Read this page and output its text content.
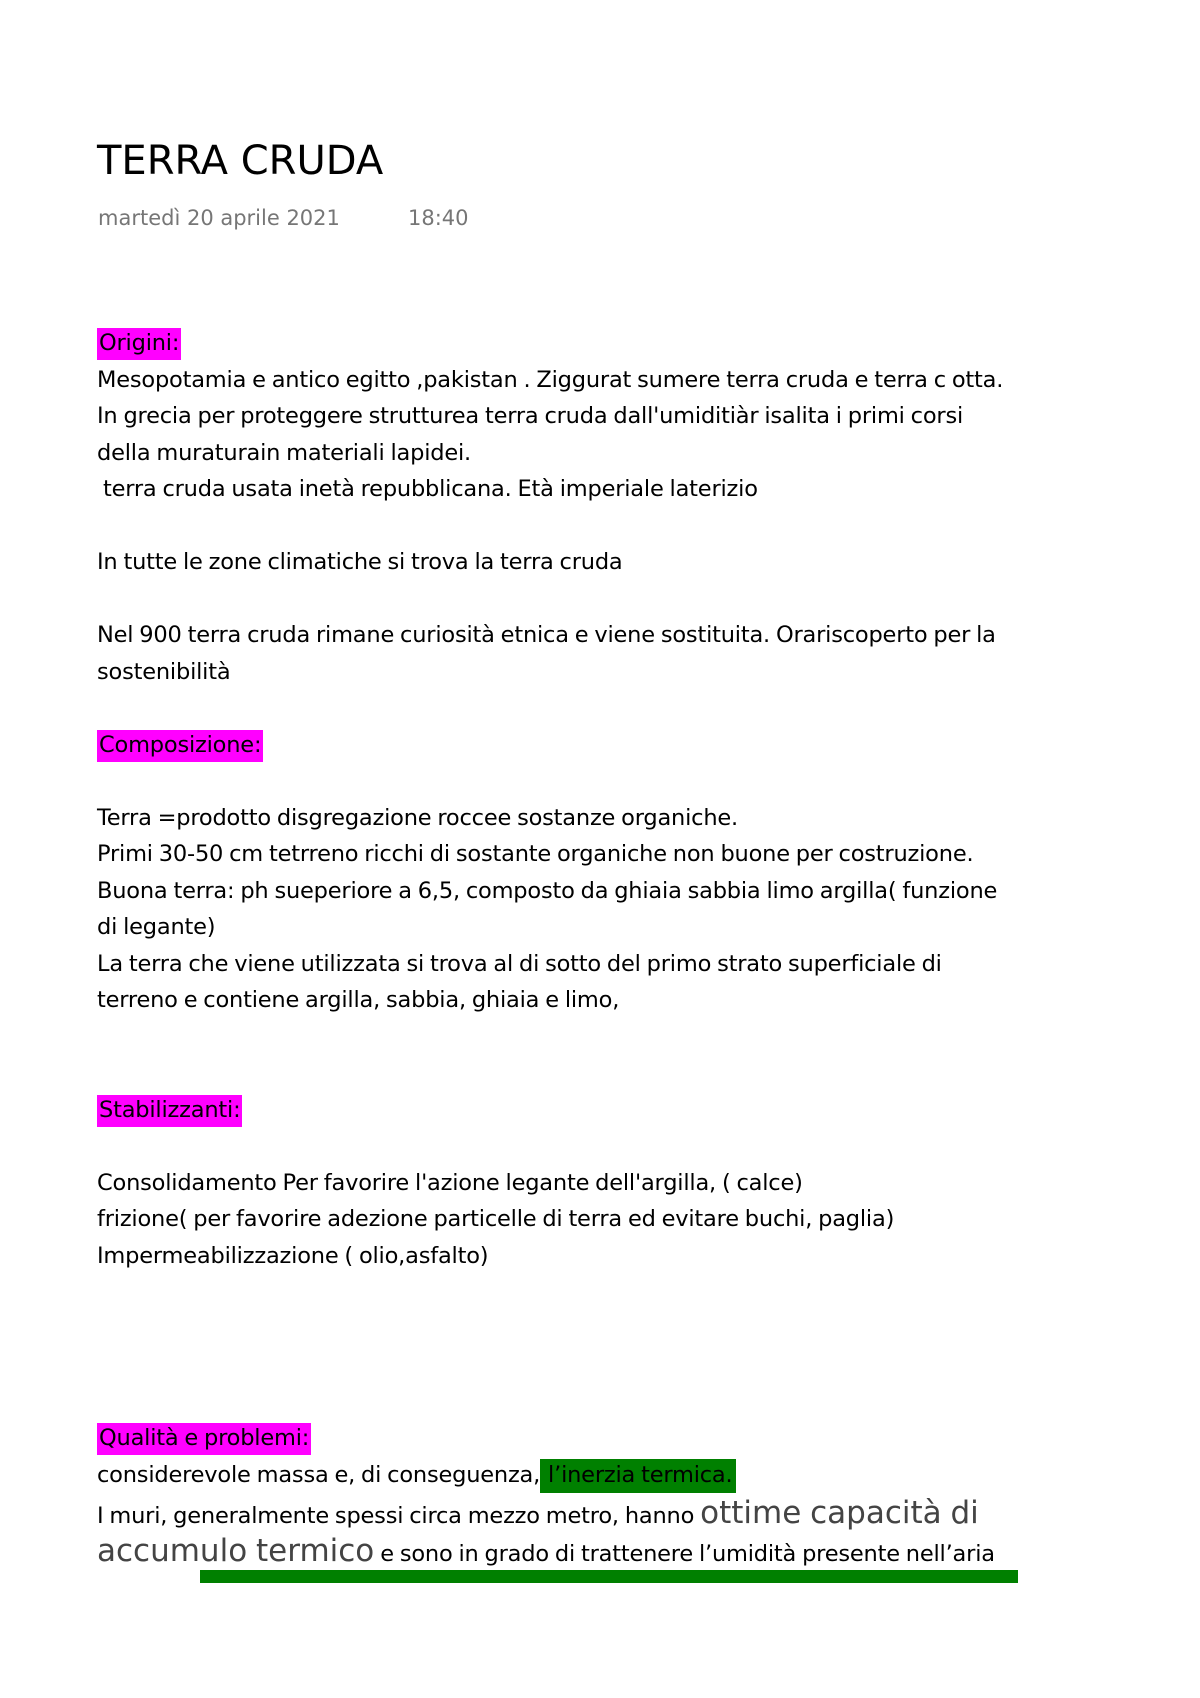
TERRA CRUDA
martedì 20 aprile 2021	18:40
Origini:
Mesopotamia e antico egitto ,pakistan . Ziggurat sumere terra cruda e terra c otta.
In grecia per proteggere strutturea terra cruda dall'umiditiàr isalita i primi corsi
della muraturain materiali lapidei.
terra cruda usata inetà repubblicana. Età imperiale laterizio
In tutte le zone climatiche si trova la terra cruda
Nel 900 terra cruda rimane curiosità etnica e viene sostituita. Orariscoperto per la
sostenibilità
Composizione:
Terra =prodotto disgregazione roccee sostanze organiche.
Primi 30-50 cm tetrreno ricchi di sostante organiche non buone per costruzione.
Buona terra: ph sueperiore a 6,5, composto da ghiaia sabbia limo argilla( funzione
di legante)
La terra che viene utilizzata si trova al di sotto del primo strato superficiale di
terreno e contiene argilla, sabbia, ghiaia e limo,
Stabilizzanti:
Consolidamento Per favorire l'azione legante dell'argilla, ( calce)
frizione( per favorire adezione particelle di terra ed evitare buchi, paglia)
Impermeabilizzazione ( olio,asfalto)
Qualità e problemi:
considerevole massa e, di conseguenza, l’inerzia termica.
I muri, generalmente spessi circa mezzo metro, hanno ottime capacità di
accumulo termico e sono in grado di trattenere l’umidità presente nell’aria
